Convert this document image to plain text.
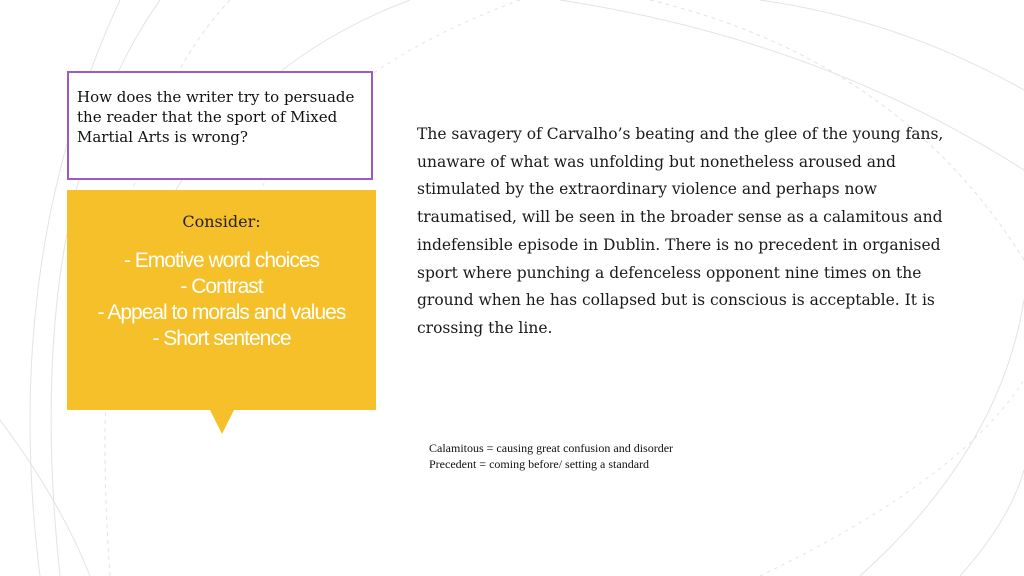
How does the writer try to persuade the reader that the sport of Mixed Martial Arts is wrong?

Consider:
- Emotive word choices
- Contrast
- Appeal to morals and values
- Short sentence

The savagery of Carvalho’s beating and the glee of the young fans, unaware of what was unfolding but nonetheless aroused and stimulated by the extraordinary violence and perhaps now traumatised, will be seen in the broader sense as a calamitous and indefensible episode in Dublin. There is no precedent in organised sport where punching a defenceless opponent nine times on the ground when he has collapsed but is conscious is acceptable. It is crossing the line.

Calamitous = causing great confusion and disorder
Precedent = coming before/ setting a standard
